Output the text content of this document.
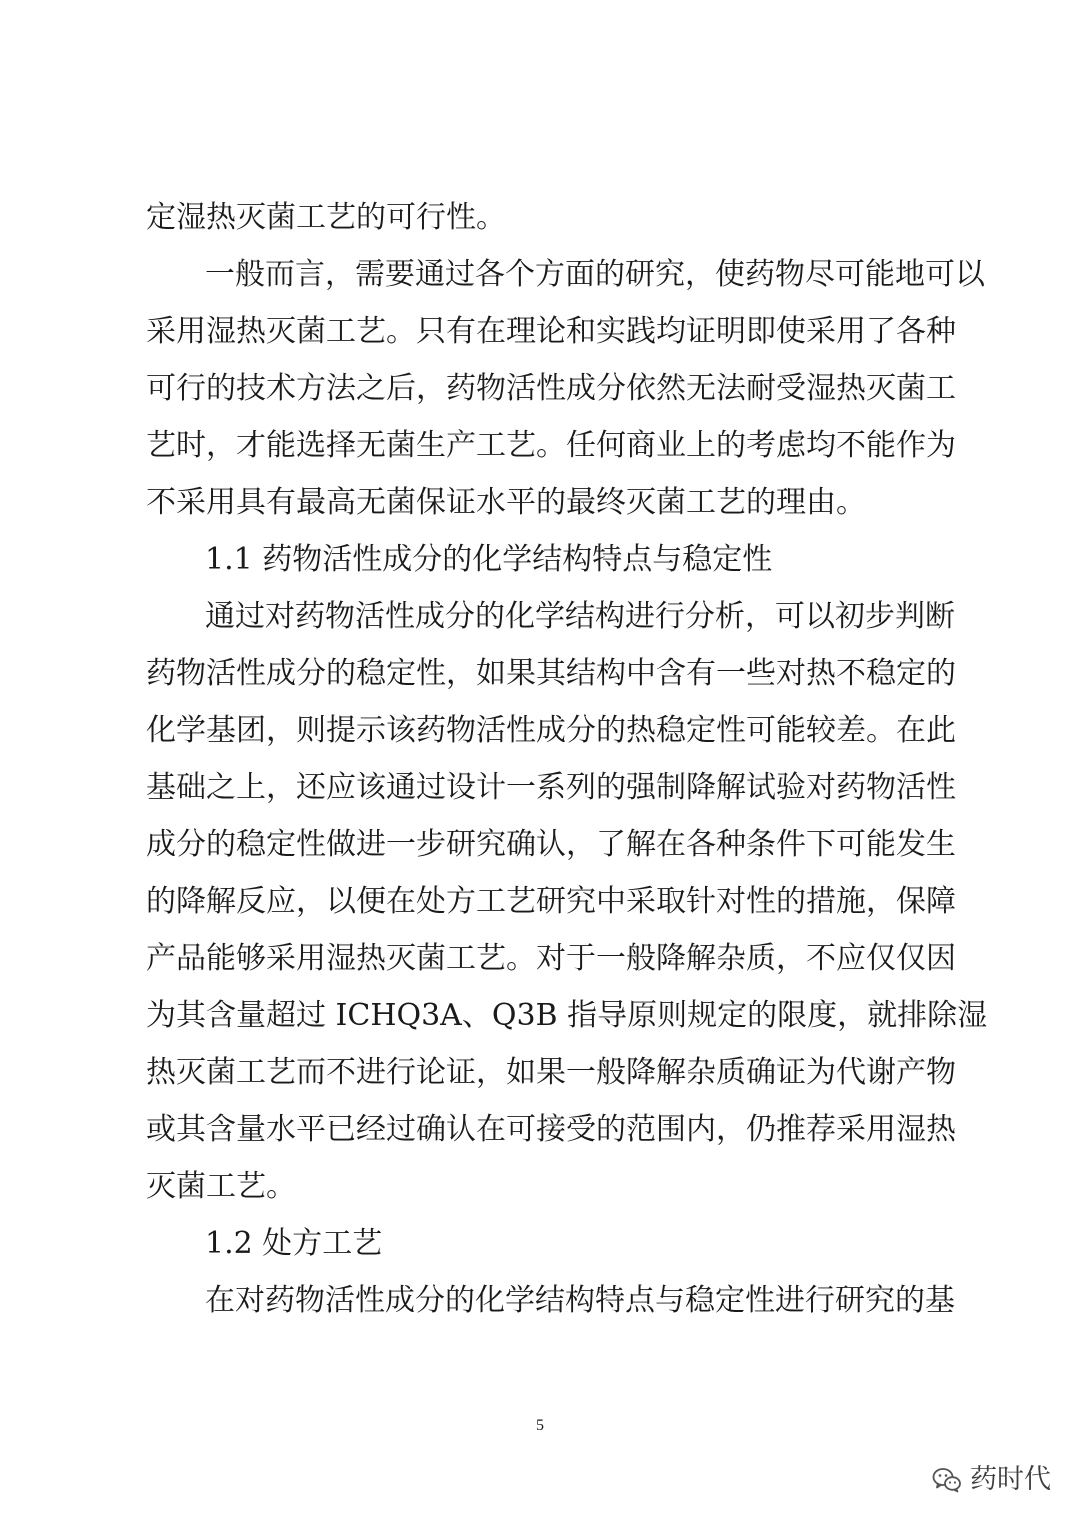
定湿热灭菌工艺的可行性。
一般而言，需要通过各个方面的研究，使药物尽可能地可以
采用湿热灭菌工艺。只有在理论和实践均证明即使采用了各种
可行的技术方法之后，药物活性成分依然无法耐受湿热灭菌工
艺时，才能选择无菌生产工艺。任何商业上的考虑均不能作为
不采用具有最高无菌保证水平的最终灭菌工艺的理由。
1.1 药物活性成分的化学结构特点与稳定性
通过对药物活性成分的化学结构进行分析，可以初步判断
药物活性成分的稳定性，如果其结构中含有一些对热不稳定的
化学基团，则提示该药物活性成分的热稳定性可能较差。在此
基础之上，还应该通过设计一系列的强制降解试验对药物活性
成分的稳定性做进一步研究确认，了解在各种条件下可能发生
的降解反应，以便在处方工艺研究中采取针对性的措施，保障
产品能够采用湿热灭菌工艺。对于一般降解杂质，不应仅仅因
为其含量超过 ICHQ3A、Q3B 指导原则规定的限度，就排除湿
热灭菌工艺而不进行论证，如果一般降解杂质确证为代谢产物
或其含量水平已经过确认在可接受的范围内，仍推荐采用湿热
灭菌工艺。
1.2 处方工艺
在对药物活性成分的化学结构特点与稳定性进行研究的基
5
药时代
